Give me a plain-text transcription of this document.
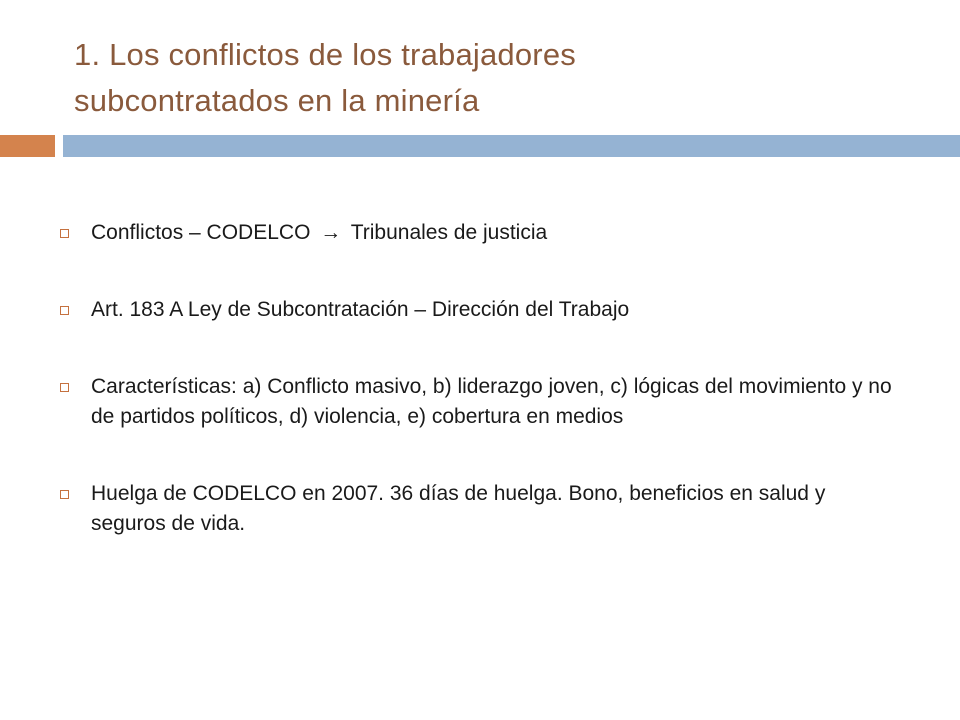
1. Los conflictos de los trabajadores
subcontratados en la minería
Conflictos – CODELCO → Tribunales de justicia
Art. 183 A Ley de Subcontratación – Dirección del Trabajo
Características: a) Conflicto masivo, b) liderazgo joven, c) lógicas del movimiento y no de partidos políticos, d) violencia, e) cobertura en medios
Huelga de CODELCO en 2007. 36 días de huelga. Bono, beneficios en salud y seguros de vida.
